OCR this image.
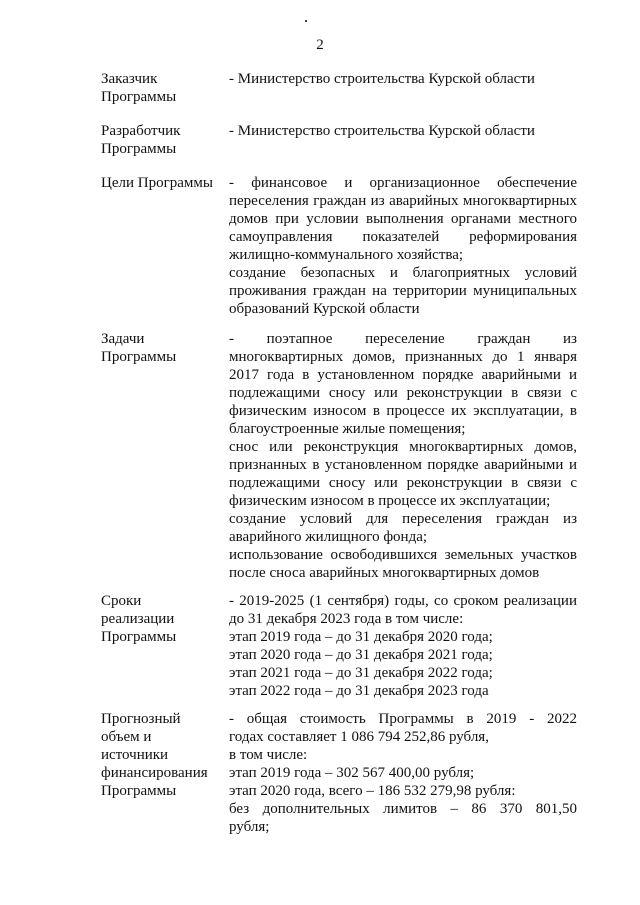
2
Заказчик
Программы
- Министерство строительства Курской области
Разработчик
Программы
- Министерство строительства Курской области
Цели Программы	- финансовое и организационное обеспечение
переселения граждан из аварийных многоквартирных
домов при условии выполнения органами местного
самоуправления показателей реформирования
жилищно-коммунального хозяйства;
создание безопасных и благоприятных условий
проживания граждан на территории муниципальных
образований Курской области
Задачи
Программы
- поэтапное переселение граждан из
многоквартирных домов, признанных до 1 января
2017 года в установленном порядке аварийными и
подлежащими сносу или реконструкции в связи с
физическим износом в процессе их эксплуатации, в
благоустроенные жилые помещения;
снос или реконструкция многоквартирных домов,
признанных в установленном порядке аварийными и
подлежащими сносу или реконструкции в связи с
физическим износом в процессе их эксплуатации;
создание условий для переселения граждан из
аварийного жилищного фонда;
использование освободившихся земельных участков
после сноса аварийных многоквартирных домов
Сроки
реализации
Программы
- 2019-2025 (1 сентября) годы, со сроком реализации
до 31 декабря 2023 года в том числе:
этап 2019 года – до 31 декабря 2020 года;
этап 2020 года – до 31 декабря 2021 года;
этап 2021 года – до 31 декабря 2022 года;
этап 2022 года – до 31 декабря 2023 года
Прогнозный
объем и
источники
финансирования
Программы
- общая стоимость Программы в 2019 - 2022
годах составляет 1 086 794 252,86 рубля,
в том числе:
этап 2019 года – 302 567 400,00 рубля;
этап 2020 года, всего – 186 532 279,98 рубля:
без дополнительных лимитов – 86 370 801,50
рубля;
